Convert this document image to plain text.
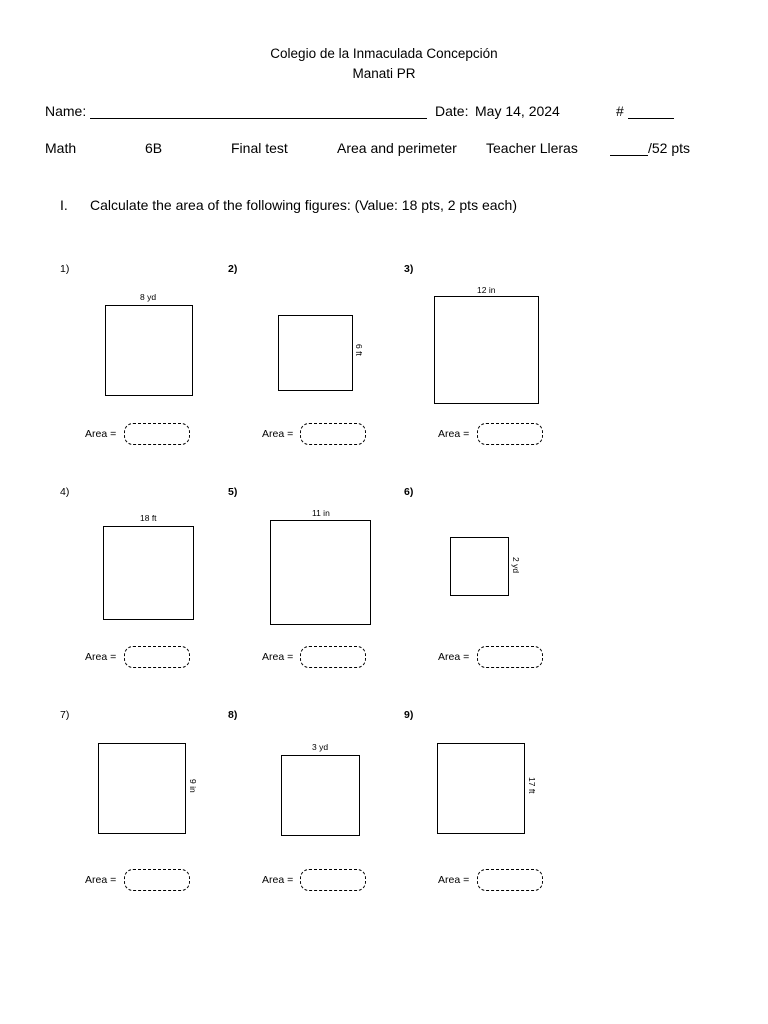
Colegio de la Inmaculada Concepción
Manati PR
Name:	Date: May 14, 2024	#
Math	6B	Final test	Area and perimeter Teacher Lleras	/52 pts
I. Calculate the area of the following figures: (Value: 18 pts, 2 pts each)
1)
8 yd
Area =
2)
6 ft
Area =
3)
12 in
Area =
4)
18 ft
Area =
5)
11 in
Area =
6)
2 yd
Area =
7)
9 in
Area =
8)
3 yd
Area =
9)
17 ft
Area =
